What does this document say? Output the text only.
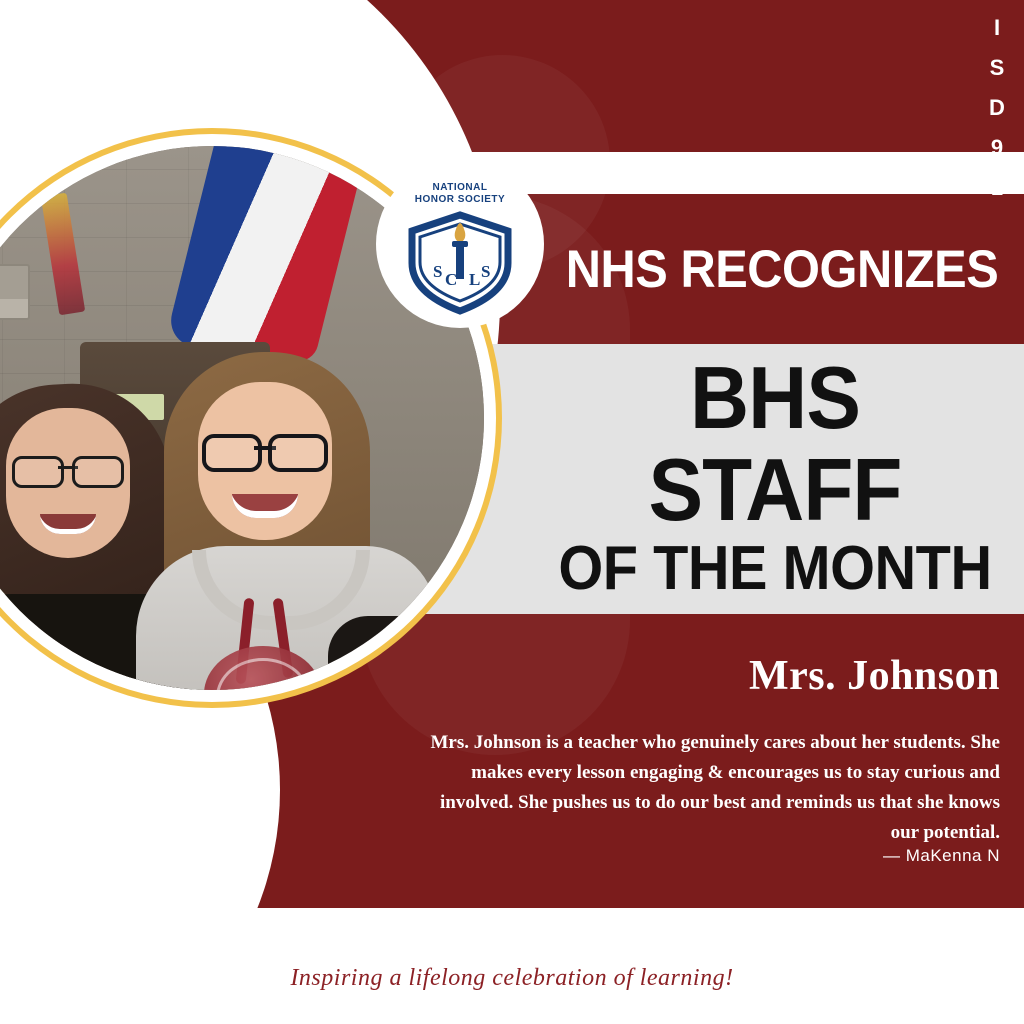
I
S
D
9
1
NATIONAL
HONOR SOCIETY
S C L S NHS RECOGNIZES
BHS STAFF
OF THE MONTH
Mrs. Johnson
Mrs. Johnson is a teacher who genuinely cares about her students. She makes every lesson engaging & encourages us to stay curious and involved. She pushes us to do our best and reminds us that she knows our potential.
— MaKenna N
Inspiring a lifelong celebration of learning!
